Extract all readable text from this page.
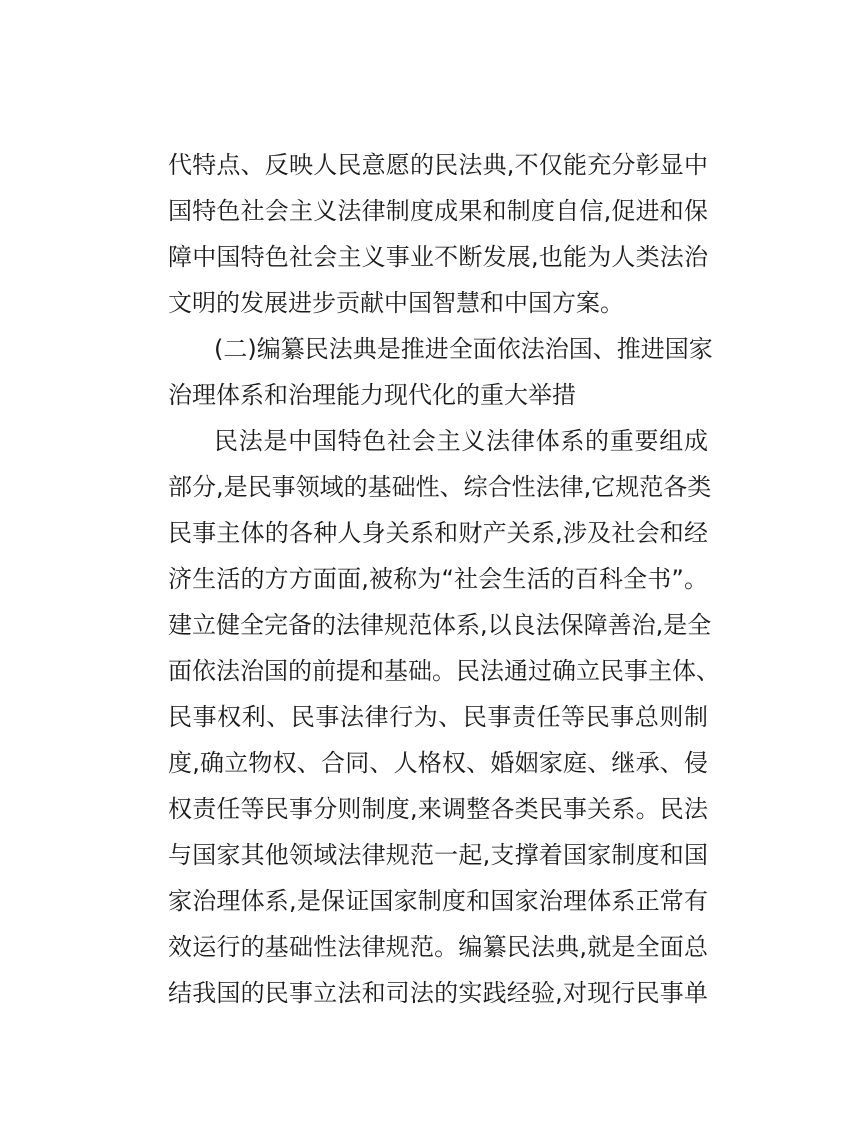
代特点、反映人民意愿的民法典,不仅能充分彰显中
国特色社会主义法律制度成果和制度自信,促进和保
障中国特色社会主义事业不断发展,也能为人类法治
文明的发展进步贡献中国智慧和中国方案。
(二)编纂民法典是推进全面依法治国、推进国家
治理体系和治理能力现代化的重大举措
民法是中国特色社会主义法律体系的重要组成
部分,是民事领域的基础性、综合性法律,它规范各类
民事主体的各种人身关系和财产关系,涉及社会和经
济生活的方方面面,被称为“社会生活的百科全书”。
建立健全完备的法律规范体系,以良法保障善治,是全
面依法治国的前提和基础。民法通过确立民事主体、
民事权利、民事法律行为、民事责任等民事总则制
度,确立物权、合同、人格权、婚姻家庭、继承、侵
权责任等民事分则制度,来调整各类民事关系。民法
与国家其他领域法律规范一起,支撑着国家制度和国
家治理体系,是保证国家制度和国家治理体系正常有
效运行的基础性法律规范。编纂民法典,就是全面总
结我国的民事立法和司法的实践经验,对现行民事单
